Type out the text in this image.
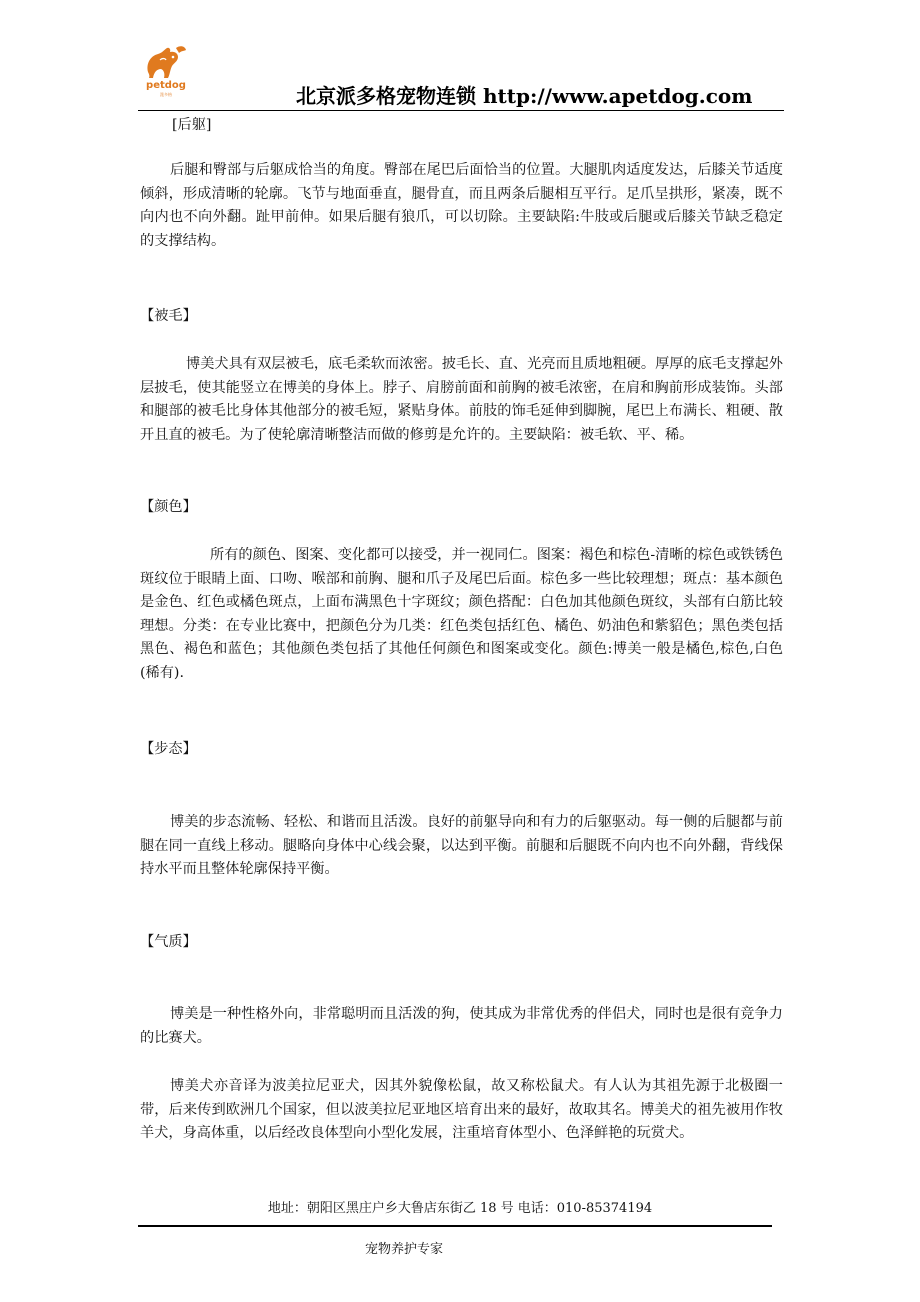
petdog
派多格	北京派多格宠物连锁 http://www.apetdog.com

[后躯]

后腿和臀部与后躯成恰当的角度。臀部在尾巴后面恰当的位置。大腿肌肉适度发达，后膝关节适度倾斜，形成清晰的轮廓。飞节与地面垂直，腿骨直，而且两条后腿相互平行。足爪呈拱形，紧凑，既不向内也不向外翻。趾甲前伸。如果后腿有狼爪，可以切除。主要缺陷:牛肢或后腿或后膝关节缺乏稳定的支撑结构。

【被毛】

博美犬具有双层被毛，底毛柔软而浓密。披毛长、直、光亮而且质地粗硬。厚厚的底毛支撑起外层披毛，使其能竖立在博美的身体上。脖子、肩膀前面和前胸的被毛浓密，在肩和胸前形成装饰。头部和腿部的被毛比身体其他部分的被毛短，紧贴身体。前肢的饰毛延伸到脚腕，尾巴上布满长、粗硬、散开且直的被毛。为了使轮廓清晰整洁而做的修剪是允许的。主要缺陷：被毛软、平、稀。

【颜色】

所有的颜色、图案、变化都可以接受，并一视同仁。图案：褐色和棕色-清晰的棕色或铁锈色斑纹位于眼睛上面、口吻、喉部和前胸、腿和爪子及尾巴后面。棕色多一些比较理想；斑点：基本颜色是金色、红色或橘色斑点，上面布满黑色十字斑纹；颜色搭配：白色加其他颜色斑纹，头部有白筋比较理想。分类：在专业比赛中，把颜色分为几类：红色类包括红色、橘色、奶油色和紫貂色；黑色类包括黑色、褐色和蓝色；其他颜色类包括了其他任何颜色和图案或变化。颜色:博美一般是橘色,棕色,白色(稀有).

【步态】

博美的步态流畅、轻松、和谐而且活泼。良好的前躯导向和有力的后躯驱动。每一侧的后腿都与前腿在同一直线上移动。腿略向身体中心线会聚，以达到平衡。前腿和后腿既不向内也不向外翻，背线保持水平而且整体轮廓保持平衡。

【气质】

博美是一种性格外向，非常聪明而且活泼的狗，使其成为非常优秀的伴侣犬，同时也是很有竞争力的比赛犬。

博美犬亦音译为波美拉尼亚犬，因其外貌像松鼠，故又称松鼠犬。有人认为其祖先源于北极圈一带，后来传到欧洲几个国家，但以波美拉尼亚地区培育出来的最好，故取其名。博美犬的祖先被用作牧羊犬，身高体重，以后经改良体型向小型化发展，注重培育体型小、色泽鲜艳的玩赏犬。

地址：朝阳区黑庄户乡大鲁店东街乙 18 号 电话：010-85374194
宠物养护专家
